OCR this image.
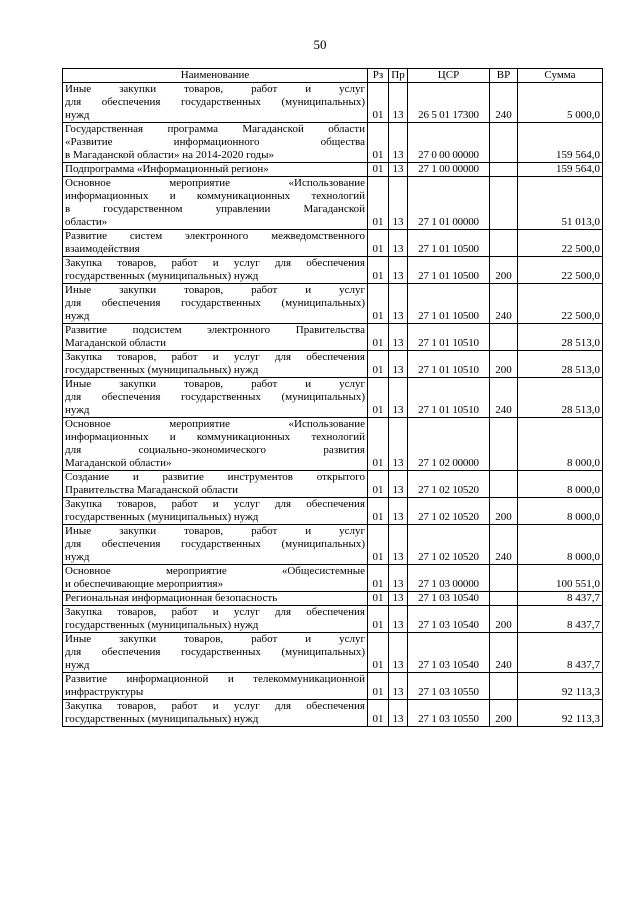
50
Наименование	Рз	Пр	ЦСР	ВР	Сумма

Иные закупки товаров, работ и услуг
для обеспечения государственных (муниципальных)
нужд	01	13	26 5 01 17300	240	5 000,0

Государственная программа Магаданской области
«Развитие информационного общества
в Магаданской области» на 2014-2020 годы»	01	13	27 0 00 00000		159 564,0

Подпрограмма «Информационный регион»	01	13	27 1 00 00000		159 564,0

Основное мероприятие «Использование
информационных и коммуникационных технологий
в государственном управлении Магаданской
области»	01	13	27 1 01 00000		51 013,0

Развитие систем электронного межведомственного
взаимодействия	01	13	27 1 01 10500		22 500,0

Закупка товаров, работ и услуг для обеспечения
государственных (муниципальных) нужд	01	13	27 1 01 10500	200	22 500,0

Иные закупки товаров, работ и услуг
для обеспечения государственных (муниципальных)
нужд	01	13	27 1 01 10500	240	22 500,0

Развитие подсистем электронного Правительства
Магаданской области	01	13	27 1 01 10510		28 513,0

Закупка товаров, работ и услуг для обеспечения
государственных (муниципальных) нужд	01	13	27 1 01 10510	200	28 513,0

Иные закупки товаров, работ и услуг
для обеспечения государственных (муниципальных)
нужд	01	13	27 1 01 10510	240	28 513,0

Основное мероприятие «Использование
информационных и коммуникационных технологий
для социально-экономического развития
Магаданской области»	01	13	27 1 02 00000		8 000,0

Создание и развитие инструментов открытого
Правительства Магаданской области	01	13	27 1 02 10520		8 000,0

Закупка товаров, работ и услуг для обеспечения
государственных (муниципальных) нужд	01	13	27 1 02 10520	200	8 000,0

Иные закупки товаров, работ и услуг
для обеспечения государственных (муниципальных)
нужд	01	13	27 1 02 10520	240	8 000,0

Основное мероприятие «Общесистемные
и обеспечивающие мероприятия»	01	13	27 1 03 00000		100 551,0

Региональная информационная безопасность	01	13	27 1 03 10540		8 437,7

Закупка товаров, работ и услуг для обеспечения
государственных (муниципальных) нужд	01	13	27 1 03 10540	200	8 437,7

Иные закупки товаров, работ и услуг
для обеспечения государственных (муниципальных)
нужд	01	13	27 1 03 10540	240	8 437,7

Развитие информационной и телекоммуникационной
инфраструктуры	01	13	27 1 03 10550		92 113,3

Закупка товаров, работ и услуг для обеспечения
государственных (муниципальных) нужд	01	13	27 1 03 10550	200	92 113,3
